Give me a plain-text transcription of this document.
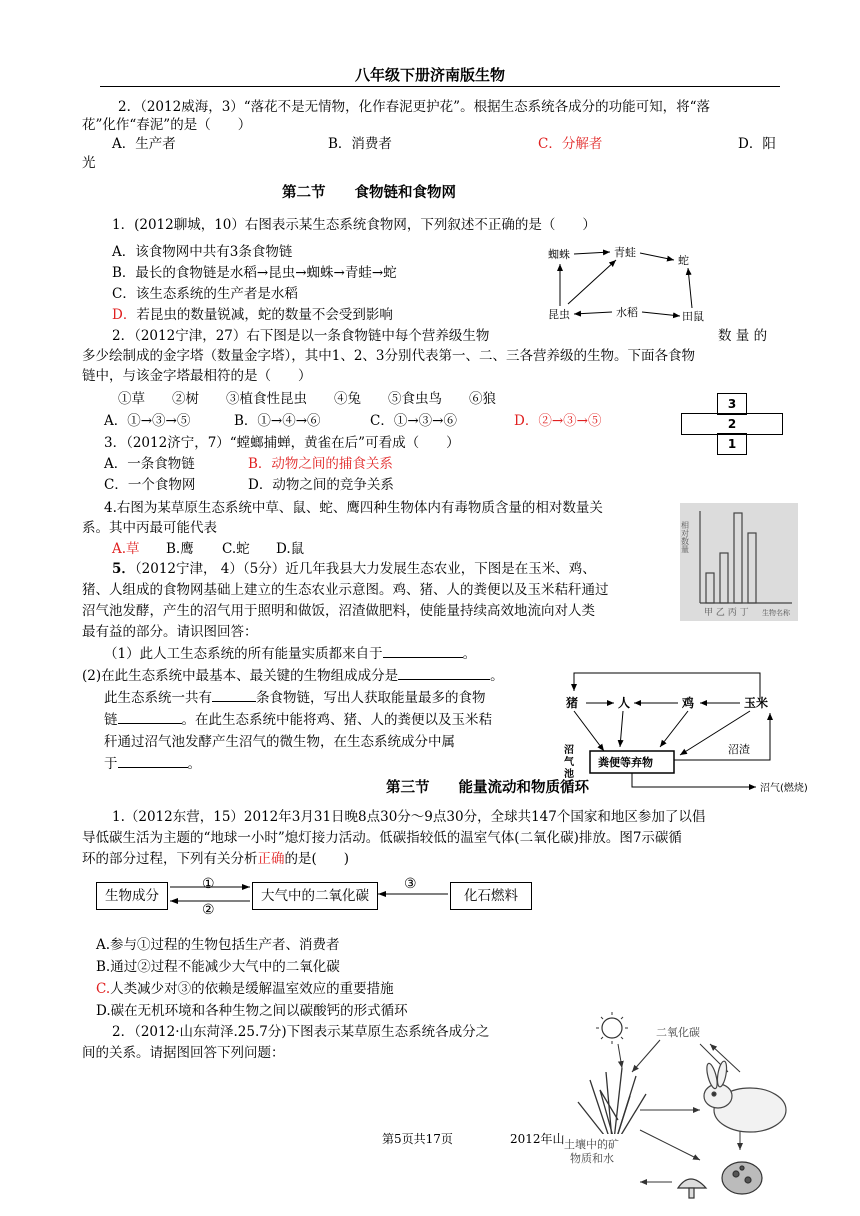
八年级下册济南版生物
2．（2012威海，3）“落花不是无情物，化作春泥更护花”。根据生态系统各成分的功能可知，将“落
花”化作“春泥”的是（　　）
A．生产者	B．消费者	C．分解者	D．阳
光
第二节　　食物链和食物网
1．(2012聊城，10）右图表示某生态系统食物网，下列叙述不正确的是（　　）
A．该食物网中共有3条食物链
B．最长的食物链是水稻→昆虫→蜘蛛→青蛙→蛇
C．该生态系统的生产者是水稻
D．若昆虫的数量锐减，蛇的数量不会受到影响
蜘蛛	青蛙
蛇
昆虫	水稻	田鼠
2．（2012宁津，27）右下图是以一条食物链中每个营养级生物	数 量 的
多少绘制成的金字塔（数量金字塔），其中1、2、3分别代表第一、二、三各营养级的生物。下面各食物
链中，与该金字塔最相符的是（　　）
①草　　②树　　③植食性昆虫　　④兔　　⑤食虫鸟　　⑥狼
A．①→③→⑤	B．①→④→⑥	C．①→③→⑥	D．②→③→⑤
3
2
1
3．（2012济宁，7）“螳螂捕蝉，黄雀在后”可看成（　　）
A．一条食物链	B．动物之间的捕食关系
C．一个食物网	D．动物之间的竞争关系
4.右图为某草原生态系统中草、鼠、蛇、鹰四种生物体内有毒物质含量的相对数量关
系。其中丙最可能代表
A.草 B.鹰 C.蛇 D.鼠	相对数量
甲 乙 丙 丁 生物名称
5．（2012宁津， 4）（5分）近几年我县大力发展生态农业，下图是在玉米、鸡、
猪、人组成的食物网基础上建立的生态农业示意图。鸡、猪、人的粪便以及玉米秸秆通过
沼气池发酵，产生的沼气用于照明和做饭，沼渣做肥料，使能量持续高效地流向对人类
最有益的部分。请识图回答：
（1）此人工生态系统的所有能量实质都来自于	。
(2)在此生态系统中最基本、最关键的生物组成成分是	。
此生态系统一共有	条食物链，写出人获取能量最多的食物
链	。在此生态系统中能将鸡、猪、人的粪便以及玉米秸
秆通过沼气池发酵产生沼气的微生物，在生态系统成分中属
于	。
猪	人	鸡	玉米
粪便等弃物
沼
气
池
沼渣
沼气(燃烧)
第三节　　能量流动和物质循环
1.（2012东营，15）2012年3月31日晚8点30分～9点30分，全球共147个国家和地区参加了以倡
导低碳生活为主题的“地球一小时”熄灯接力活动。低碳指较低的温室气体(二氧化碳)排放。图7示碳循
环的部分过程，下列有关分析正确的是(　　)
生物成分	大气中的二氧化碳	化石燃料
①
②
③
A.参与①过程的生物包括生产者、消费者
B.通过②过程不能减少大气中的二氧化碳
C.人类减少对③的依赖是缓解温室效应的重要措施
D.碳在无机环境和各种生物之间以碳酸钙的形式循环
2．（2012·山东菏泽.25.7分)下图表示某草原生态系统各成分之
间的关系。请据图回答下列问题：
二氧化碳
土壤中的矿
物质和水
第5页共17页	2012年山
